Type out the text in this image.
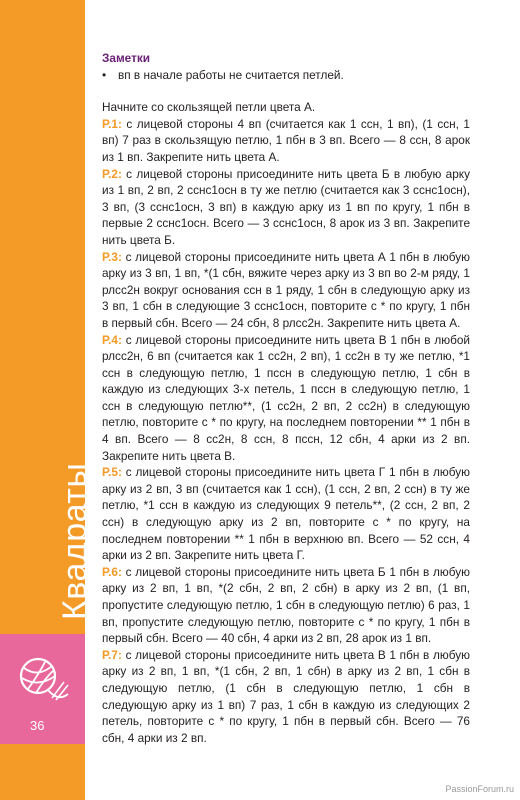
Квадраты
36

Заметки

•	вп в начале работы не считается петлей.

Начните со скользящей петли цвета А.

Р.1: с лицевой стороны 4 вп (считается как 1 ссн, 1 вп), (1 ссн, 1 вп) 7 раз в скользящую петлю, 1 пбн в 3 вп. Всего — 8 ссн, 8 арок из 1 вп. Закрепите нить цвета А.

Р.2: с лицевой стороны присоедините нить цвета Б в любую арку из 1 вп, 2 вп, 2 сснс1осн в ту же петлю (считается как 3 сснс1осн), 3 вп, (3 сснс1осн, 3 вп) в каждую арку из 1 вп по кругу, 1 пбн в первые 2 сснс1осн. Всего — 3 сснс1осн, 8 арок из 3 вп. Закрепите нить цвета Б.

Р.3: с лицевой стороны присоедините нить цвета А 1 пбн в любую арку из 3 вп, 1 вп, *(1 сбн, вяжите через арку из 3 вп во 2-м ряду, 1 рлсс2н вокруг основания ссн в 1 ряду, 1 сбн в следующую арку из 3 вп, 1 сбн в следующие 3 сснс1осн, повторите с * по кругу, 1 пбн в первый сбн. Всего — 24 сбн, 8 рлсс2н. Закрепите нить цвета А.

Р.4: с лицевой стороны присоедините нить цвета В 1 пбн в любой рлсс2н, 6 вп (считается как 1 сс2н, 2 вп), 1 сс2н в ту же петлю, *1 ссн в следующую петлю, 1 пссн в следующую петлю, 1 сбн в каждую из следующих 3-х петель, 1 пссн в следующую петлю, 1 ссн в следующую петлю**, (1 сс2н, 2 вп, 2 сс2н) в следующую петлю, повторите с * по кругу, на последнем повторении ** 1 пбн в 4 вп. Всего — 8 сс2н, 8 ссн, 8 пссн, 12 сбн, 4 арки из 2 вп. Закрепите нить цвета В.

Р.5: с лицевой стороны присоедините нить цвета Г 1 пбн в любую арку из 2 вп, 3 вп (считается как 1 ссн), (1 ссн, 2 вп, 2 ссн) в ту же петлю, *1 ссн в каждую из следующих 9 петель**, (2 ссн, 2 вп, 2 ссн) в следующую арку из 2 вп, повторите с * по кругу, на последнем повторении ** 1 пбн в верхнюю вп. Всего — 52 ссн, 4 арки из 2 вп. Закрепите нить цвета Г.

Р.6: с лицевой стороны присоедините нить цвета Б 1 пбн в любую арку из 2 вп, 1 вп, *(2 сбн, 2 вп, 2 сбн) в арку из 2 вп, (1 вп, пропустите следующую петлю, 1 сбн в следующую петлю) 6 раз, 1 вп, пропустите следующую петлю, повторите с * по кругу, 1 пбн в первый сбн. Всего — 40 сбн, 4 арки из 2 вп, 28 арок из 1 вп.

Р.7: с лицевой стороны присоедините нить цвета В 1 пбн в любую арку из 2 вп, 1 вп, *(1 сбн, 2 вп, 1 сбн) в арку из 2 вп, 1 сбн в следующую петлю, (1 сбн в следующую петлю, 1 сбн в следующую арку из 1 вп) 7 раз, 1 сбн в каждую из следующих 2 петель, повторите с * по кругу, 1 пбн в первый сбн. Всего — 76 сбн, 4 арки из 2 вп.

PassionForum.ru
